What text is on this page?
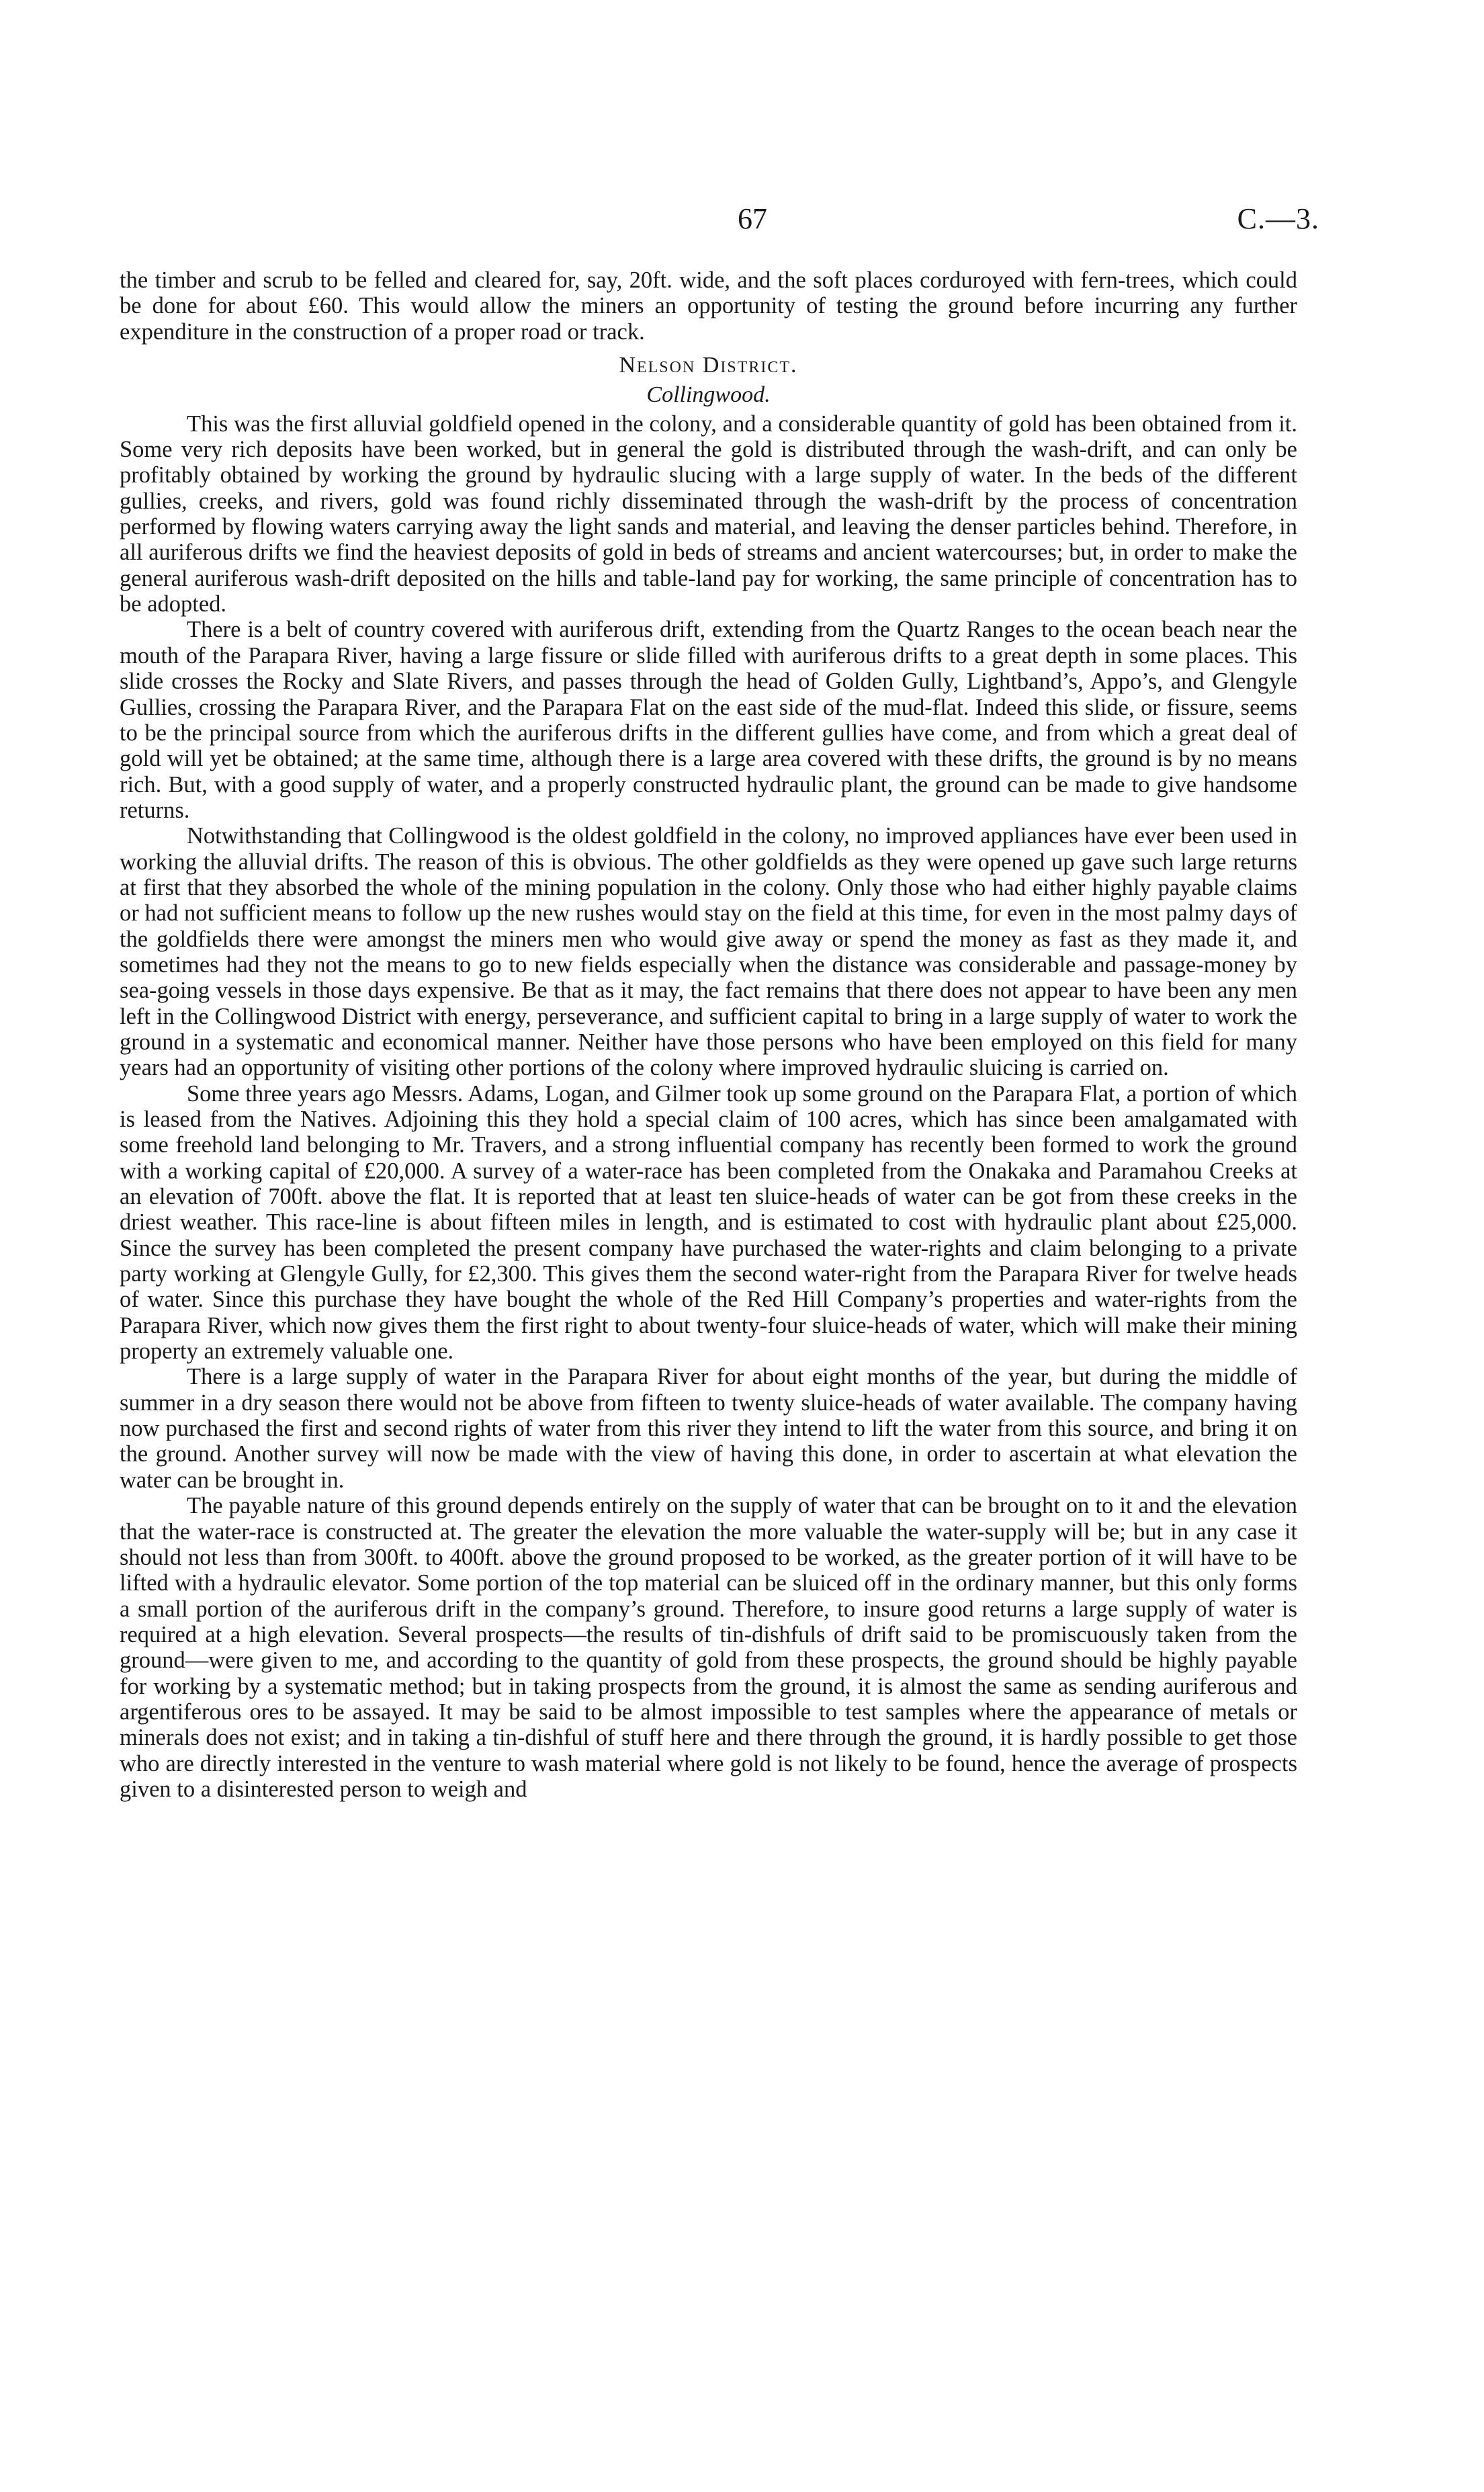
67	C.—3.

the timber and scrub to be felled and cleared for, say, 20ft. wide, and the soft places corduroyed with fern-trees, which could be done for about £60. This would allow the miners an opportunity of testing the ground before incurring any further expenditure in the construction of a proper road or track.

Nelson District.
Collingwood.

This was the first alluvial goldfield opened in the colony, and a considerable quantity of gold has been obtained from it. Some very rich deposits have been worked, but in general the gold is distributed through the wash-drift, and can only be profitably obtained by working the ground by hydraulic slucing with a large supply of water. In the beds of the different gullies, creeks, and rivers, gold was found richly disseminated through the wash-drift by the process of concentration performed by flowing waters carrying away the light sands and material, and leaving the denser particles behind. Therefore, in all auriferous drifts we find the heaviest deposits of gold in beds of streams and ancient watercourses; but, in order to make the general auriferous wash-drift deposited on the hills and table-land pay for working, the same principle of concentration has to be adopted.

There is a belt of country covered with auriferous drift, extending from the Quartz Ranges to the ocean beach near the mouth of the Parapara River, having a large fissure or slide filled with auriferous drifts to a great depth in some places. This slide crosses the Rocky and Slate Rivers, and passes through the head of Golden Gully, Lightband’s, Appo’s, and Glengyle Gullies, crossing the Parapara River, and the Parapara Flat on the east side of the mud-flat. Indeed this slide, or fissure, seems to be the principal source from which the auriferous drifts in the different gullies have come, and from which a great deal of gold will yet be obtained; at the same time, although there is a large area covered with these drifts, the ground is by no means rich. But, with a good supply of water, and a properly constructed hydraulic plant, the ground can be made to give handsome returns.

Notwithstanding that Collingwood is the oldest goldfield in the colony, no improved appliances have ever been used in working the alluvial drifts. The reason of this is obvious. The other goldfields as they were opened up gave such large returns at first that they absorbed the whole of the mining population in the colony. Only those who had either highly payable claims or had not sufficient means to follow up the new rushes would stay on the field at this time, for even in the most palmy days of the goldfields there were amongst the miners men who would give away or spend the money as fast as they made it, and sometimes had they not the means to go to new fields especially when the distance was considerable and passage-money by sea-going vessels in those days expensive. Be that as it may, the fact remains that there does not appear to have been any men left in the Collingwood District with energy, perseverance, and sufficient capital to bring in a large supply of water to work the ground in a systematic and economical manner. Neither have those persons who have been employed on this field for many years had an opportunity of visiting other portions of the colony where improved hydraulic sluicing is carried on.

Some three years ago Messrs. Adams, Logan, and Gilmer took up some ground on the Parapara Flat, a portion of which is leased from the Natives. Adjoining this they hold a special claim of 100 acres, which has since been amalgamated with some freehold land belonging to Mr. Travers, and a strong influential company has recently been formed to work the ground with a working capital of £20,000. A survey of a water-race has been completed from the Onakaka and Paramahou Creeks at an elevation of 700ft. above the flat. It is reported that at least ten sluice-heads of water can be got from these creeks in the driest weather. This race-line is about fifteen miles in length, and is estimated to cost with hydraulic plant about £25,000. Since the survey has been completed the present company have purchased the water-rights and claim belonging to a private party working at Glengyle Gully, for £2,300. This gives them the second water-right from the Parapara River for twelve heads of water. Since this purchase they have bought the whole of the Red Hill Company’s properties and water-rights from the Parapara River, which now gives them the first right to about twenty-four sluice-heads of water, which will make their mining property an extremely valuable one.

There is a large supply of water in the Parapara River for about eight months of the year, but during the middle of summer in a dry season there would not be above from fifteen to twenty sluice-heads of water available. The company having now purchased the first and second rights of water from this river they intend to lift the water from this source, and bring it on the ground. Another survey will now be made with the view of having this done, in order to ascertain at what elevation the water can be brought in.

The payable nature of this ground depends entirely on the supply of water that can be brought on to it and the elevation that the water-race is constructed at. The greater the elevation the more valuable the water-supply will be; but in any case it should not less than from 300ft. to 400ft. above the ground proposed to be worked, as the greater portion of it will have to be lifted with a hydraulic elevator. Some portion of the top material can be sluiced off in the ordinary manner, but this only forms a small portion of the auriferous drift in the company’s ground. Therefore, to insure good returns a large supply of water is required at a high elevation. Several prospects—the results of tin-dishfuls of drift said to be promiscuously taken from the ground—were given to me, and according to the quantity of gold from these prospects, the ground should be highly payable for working by a systematic method; but in taking prospects from the ground, it is almost the same as sending auriferous and argentiferous ores to be assayed. It may be said to be almost impossible to test samples where the appearance of metals or minerals does not exist; and in taking a tin-dishful of stuff here and there through the ground, it is hardly possible to get those who are directly interested in the venture to wash material where gold is not likely to be found, hence the average of prospects given to a disinterested person to weigh and
